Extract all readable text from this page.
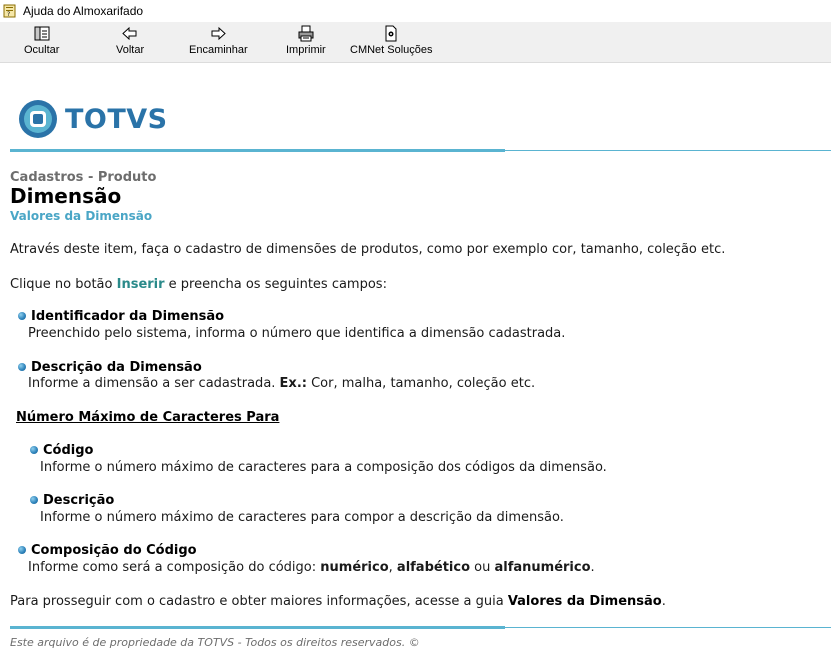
? Ajuda do Almoxarifado
Ocultar	Voltar	Encaminhar	Imprimir CMNet Soluções
TOTVS
Cadastros - Produto
Dimensão
Valores da Dimensão
Através deste item, faça o cadastro de dimensões de produtos, como por exemplo cor, tamanho, coleção etc.
Clique no botão Inserir e preencha os seguintes campos:
Identificador da Dimensão
Preenchido pelo sistema, informa o número que identifica a dimensão cadastrada.
Descrição da Dimensão
Informe a dimensão a ser cadastrada. Ex.: Cor, malha, tamanho, coleção etc.
Número Máximo de Caracteres Para
Código
Informe o número máximo de caracteres para a composição dos códigos da dimensão.
Descrição
Informe o número máximo de caracteres para compor a descrição da dimensão.
Composição do Código
Informe como será a composição do código: numérico, alfabético ou alfanumérico.
Para prosseguir com o cadastro e obter maiores informações, acesse a guia Valores da Dimensão.
Este arquivo é de propriedade da TOTVS - Todos os direitos reservados. ©
